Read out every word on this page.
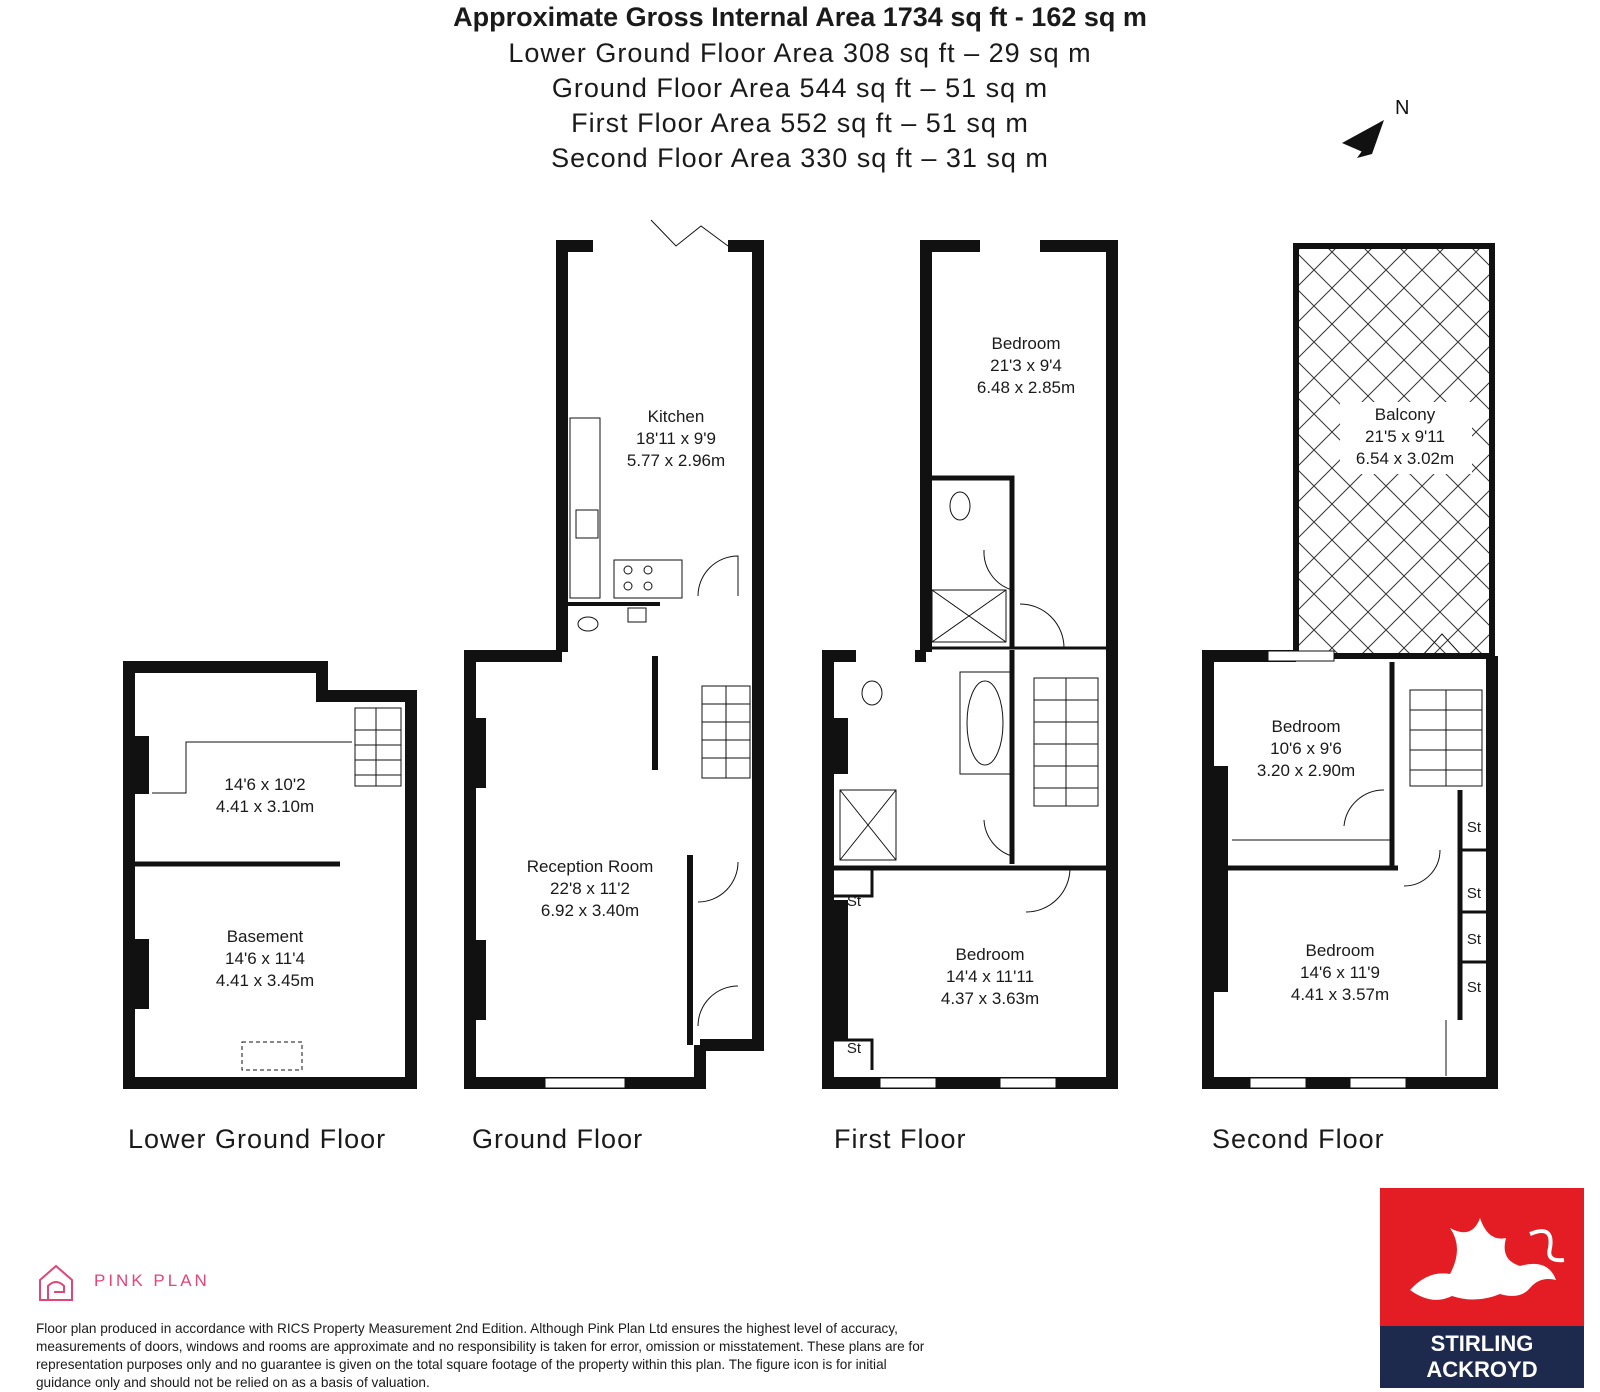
Approximate Gross Internal Area 1734 sq ft - 162 sq m
Lower Ground Floor Area 308 sq ft – 29 sq m
Ground Floor Area 544 sq ft – 51 sq m
First Floor Area 552 sq ft – 51 sq m
Second Floor Area 330 sq ft – 31 sq m
N
14'6 x 10'2
4.41 x 3.10m
Basement
14'6 x 11'4
4.41 x 3.45m
Kitchen
18'11 x 9'9
5.77 x 2.96m
Reception Room
22'8 x 11'2
6.92 x 3.40m
Bedroom
21'3 x 9'4
6.48 x 2.85m
Bedroom
14'4 x 11'11
4.37 x 3.63m
Balcony
21'5 x 9'11
6.54 x 3.02m
Bedroom
10'6 x 9'6
3.20 x 2.90m
Bedroom
14'6 x 11'9
4.41 x 3.57m
St
St
St
St
St
St
Lower Ground Floor	Ground Floor	First Floor	Second Floor
PINK PLAN
Floor plan produced in accordance with RICS Property Measurement 2nd Edition. Although Pink Plan Ltd ensures the highest level of accuracy, measurements of doors, windows and rooms are approximate and no responsibility is taken for error, omission or misstatement. These plans are for representation purposes only and no guarantee is given on the total square footage of the property within this plan. The figure icon is for initial guidance only and should not be relied on as a basis of valuation.
STIRLING
ACKROYD
